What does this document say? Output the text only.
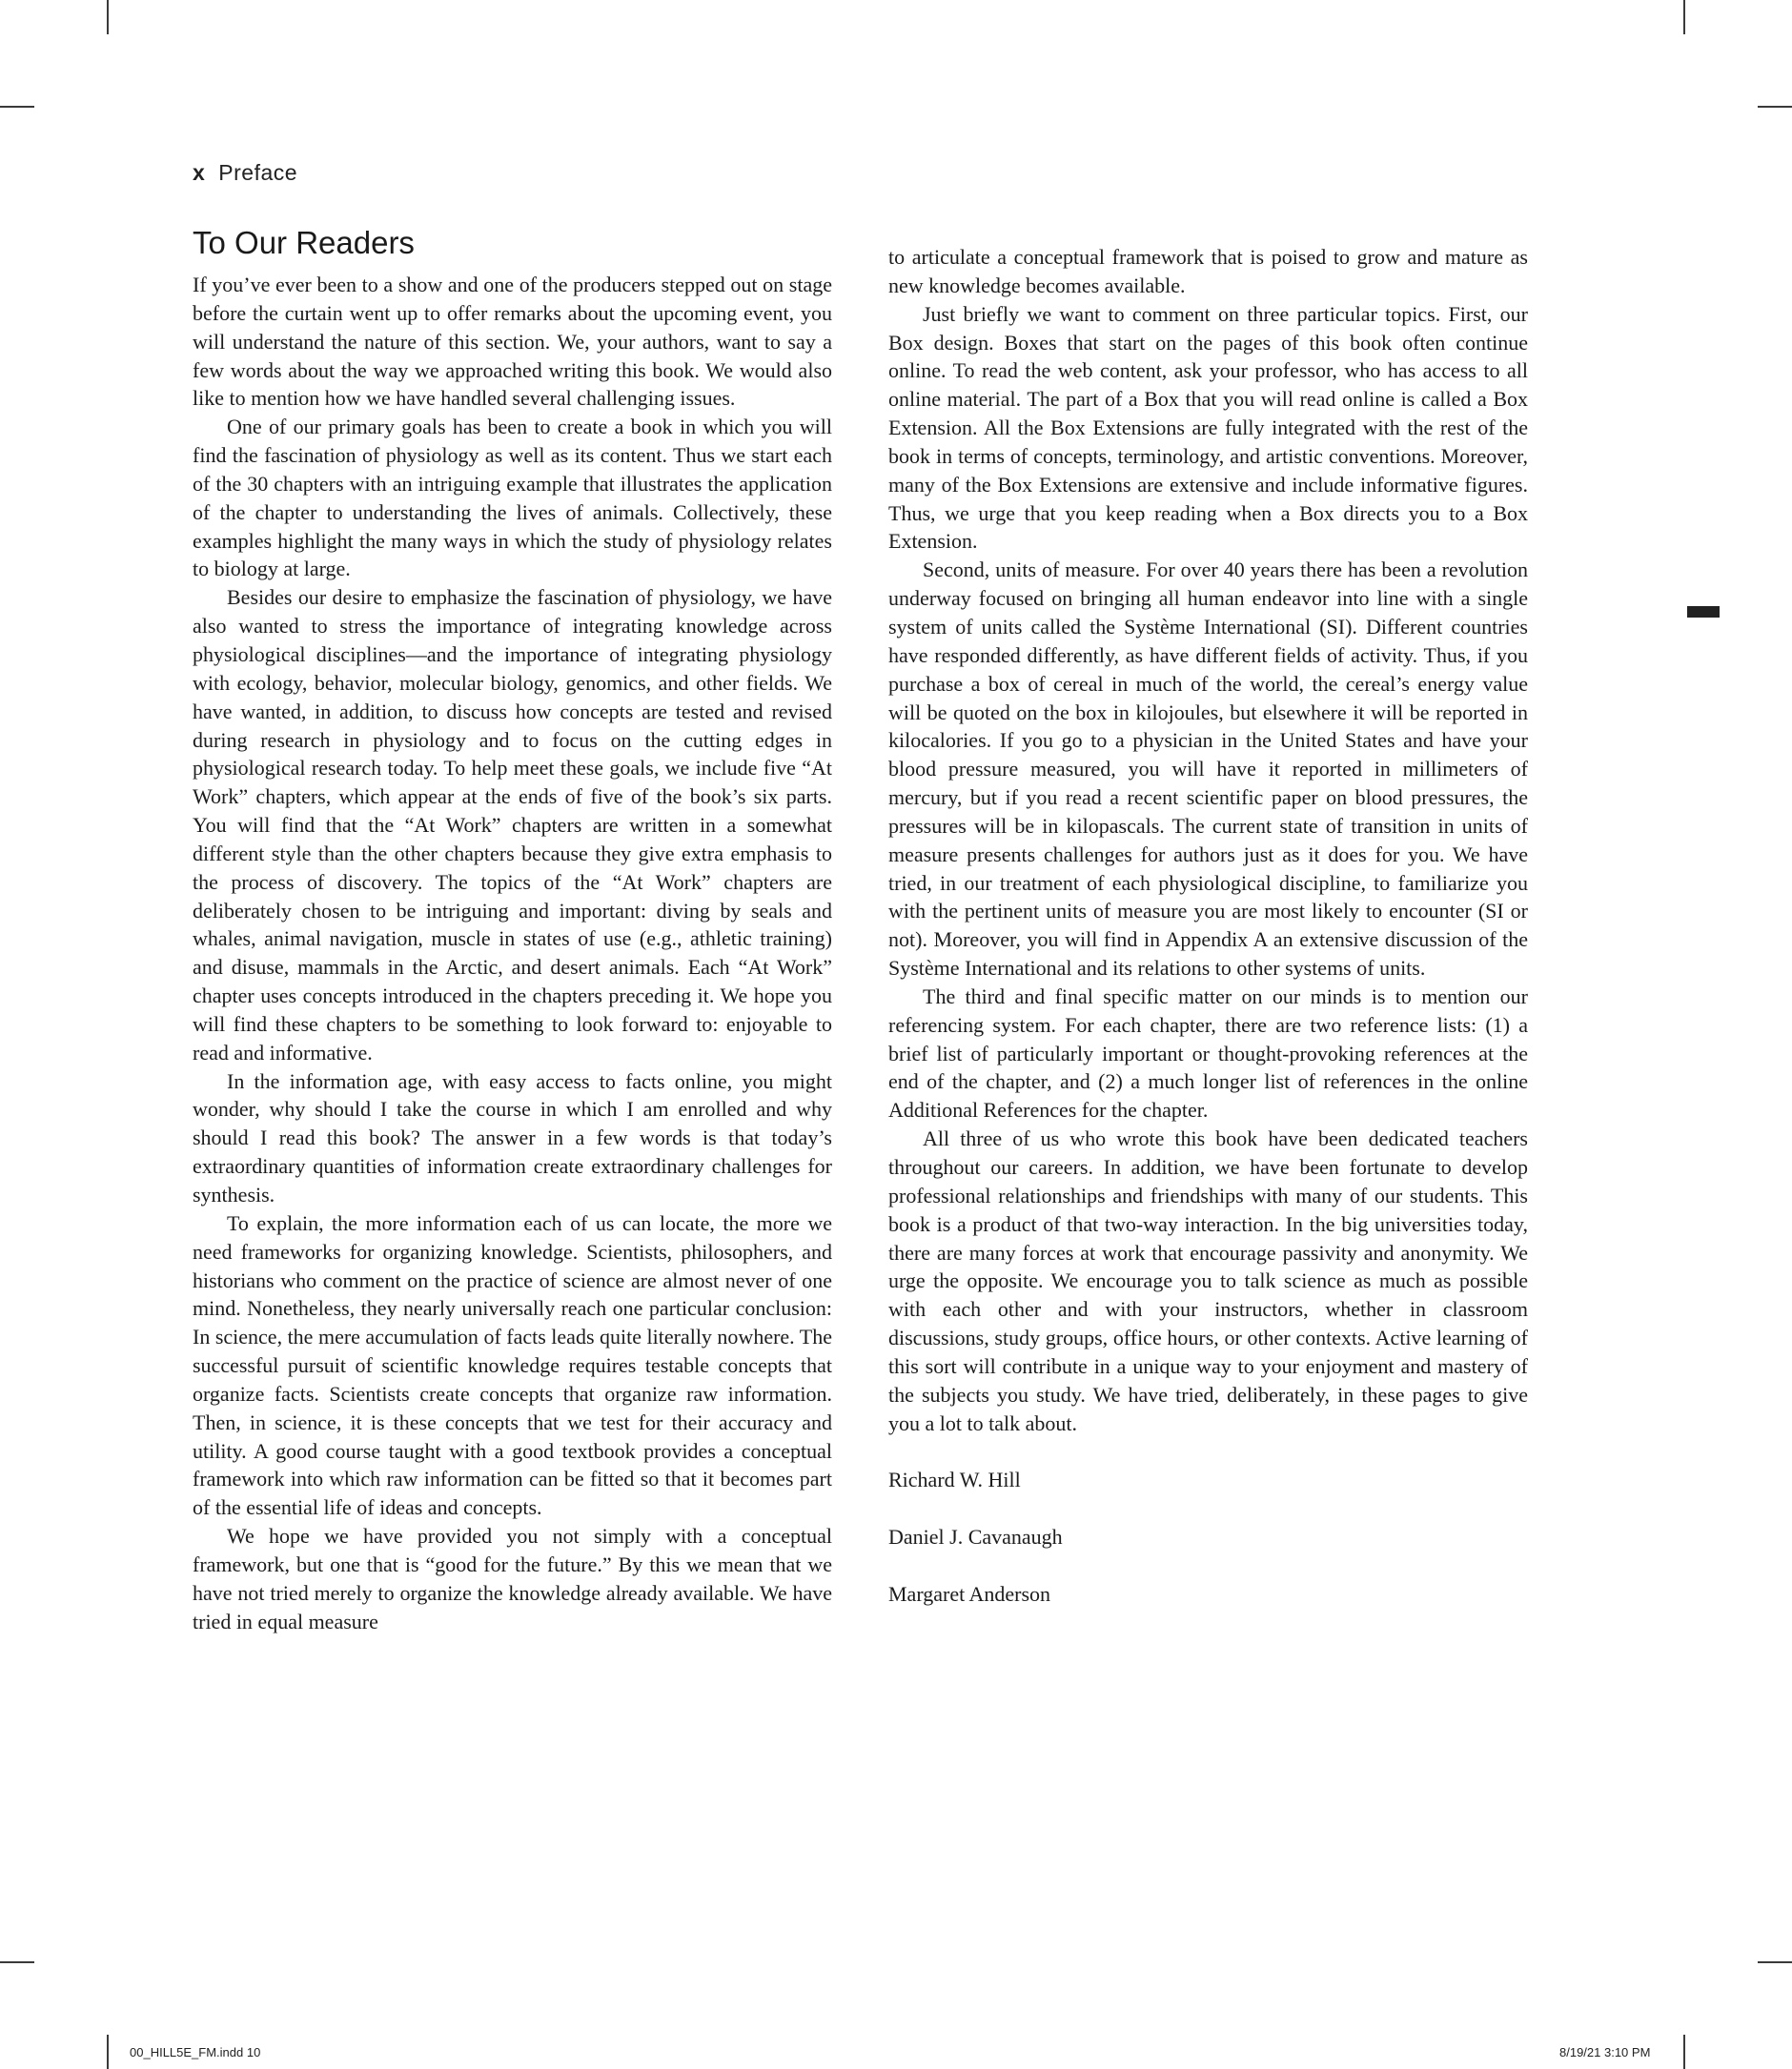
x Preface
To Our Readers

If you’ve ever been to a show and one of the producers stepped out on stage before the curtain went up to offer remarks about the upcoming event, you will understand the nature of this section. We, your authors, want to say a few words about the way we approached writing this book. We would also like to mention how we have handled several challenging issues.

One of our primary goals has been to create a book in which you will find the fascination of physiology as well as its content. Thus we start each of the 30 chapters with an intriguing example that illustrates the application of the chapter to understanding the lives of animals. Collectively, these examples highlight the many ways in which the study of physiology relates to biology at large.

Besides our desire to emphasize the fascination of physiology, we have also wanted to stress the importance of integrating knowledge across physiological disciplines—and the importance of integrating physiology with ecology, behavior, molecular biology, genomics, and other fields. We have wanted, in addition, to discuss how concepts are tested and revised during research in physiology and to focus on the cutting edges in physiological research today. To help meet these goals, we include five “At Work” chapters, which appear at the ends of five of the book’s six parts. You will find that the “At Work” chapters are written in a somewhat different style than the other chapters because they give extra emphasis to the process of discovery. The topics of the “At Work” chapters are deliberately chosen to be intriguing and important: diving by seals and whales, animal navigation, muscle in states of use (e.g., athletic training) and disuse, mammals in the Arctic, and desert animals. Each “At Work” chapter uses concepts introduced in the chapters preceding it. We hope you will find these chapters to be something to look forward to: enjoyable to read and informative.

In the information age, with easy access to facts online, you might wonder, why should I take the course in which I am enrolled and why should I read this book? The answer in a few words is that today’s extraordinary quantities of information create extraordinary challenges for synthesis.

To explain, the more information each of us can locate, the more we need frameworks for organizing knowledge. Scientists, philosophers, and historians who comment on the practice of science are almost never of one mind. Nonetheless, they nearly universally reach one particular conclusion: In science, the mere accumulation of facts leads quite literally nowhere. The successful pursuit of scientific knowledge requires testable concepts that organize facts. Scientists create concepts that organize raw information. Then, in science, it is these concepts that we test for their accuracy and utility. A good course taught with a good textbook provides a conceptual framework into which raw information can be fitted so that it becomes part of the essential life of ideas and concepts.

We hope we have provided you not simply with a conceptual framework, but one that is “good for the future.” By this we mean that we have not tried merely to organize the knowledge already available. We have tried in equal measure

to articulate a conceptual framework that is poised to grow and mature as new knowledge becomes available.

Just briefly we want to comment on three particular topics. First, our Box design. Boxes that start on the pages of this book often continue online. To read the web content, ask your professor, who has access to all online material. The part of a Box that you will read online is called a Box Extension. All the Box Extensions are fully integrated with the rest of the book in terms of concepts, terminology, and artistic conventions. Moreover, many of the Box Extensions are extensive and include informative figures. Thus, we urge that you keep reading when a Box directs you to a Box Extension.

Second, units of measure. For over 40 years there has been a revolution underway focused on bringing all human endeavor into line with a single system of units called the Système International (SI). Different countries have responded differently, as have different fields of activity. Thus, if you purchase a box of cereal in much of the world, the cereal’s energy value will be quoted on the box in kilojoules, but elsewhere it will be reported in kilocalories. If you go to a physician in the United States and have your blood pressure measured, you will have it reported in millimeters of mercury, but if you read a recent scientific paper on blood pressures, the pressures will be in kilopascals. The current state of transition in units of measure presents challenges for authors just as it does for you. We have tried, in our treatment of each physiological discipline, to familiarize you with the pertinent units of measure you are most likely to encounter (SI or not). Moreover, you will find in Appendix A an extensive discussion of the Système International and its relations to other systems of units.

The third and final specific matter on our minds is to mention our referencing system. For each chapter, there are two reference lists: (1) a brief list of particularly important or thought-provoking references at the end of the chapter, and (2) a much longer list of references in the online Additional References for the chapter.

All three of us who wrote this book have been dedicated teachers throughout our careers. In addition, we have been fortunate to develop professional relationships and friendships with many of our students. This book is a product of that two-way interaction. In the big universities today, there are many forces at work that encourage passivity and anonymity. We urge the opposite. We encourage you to talk science as much as possible with each other and with your instructors, whether in classroom discussions, study groups, office hours, or other contexts. Active learning of this sort will contribute in a unique way to your enjoyment and mastery of the subjects you study. We have tried, deliberately, in these pages to give you a lot to talk about.

Richard W. Hill

Daniel J. Cavanaugh

Margaret Anderson

00_HILL5E_FM.indd 10	8/19/21 3:10 PM
